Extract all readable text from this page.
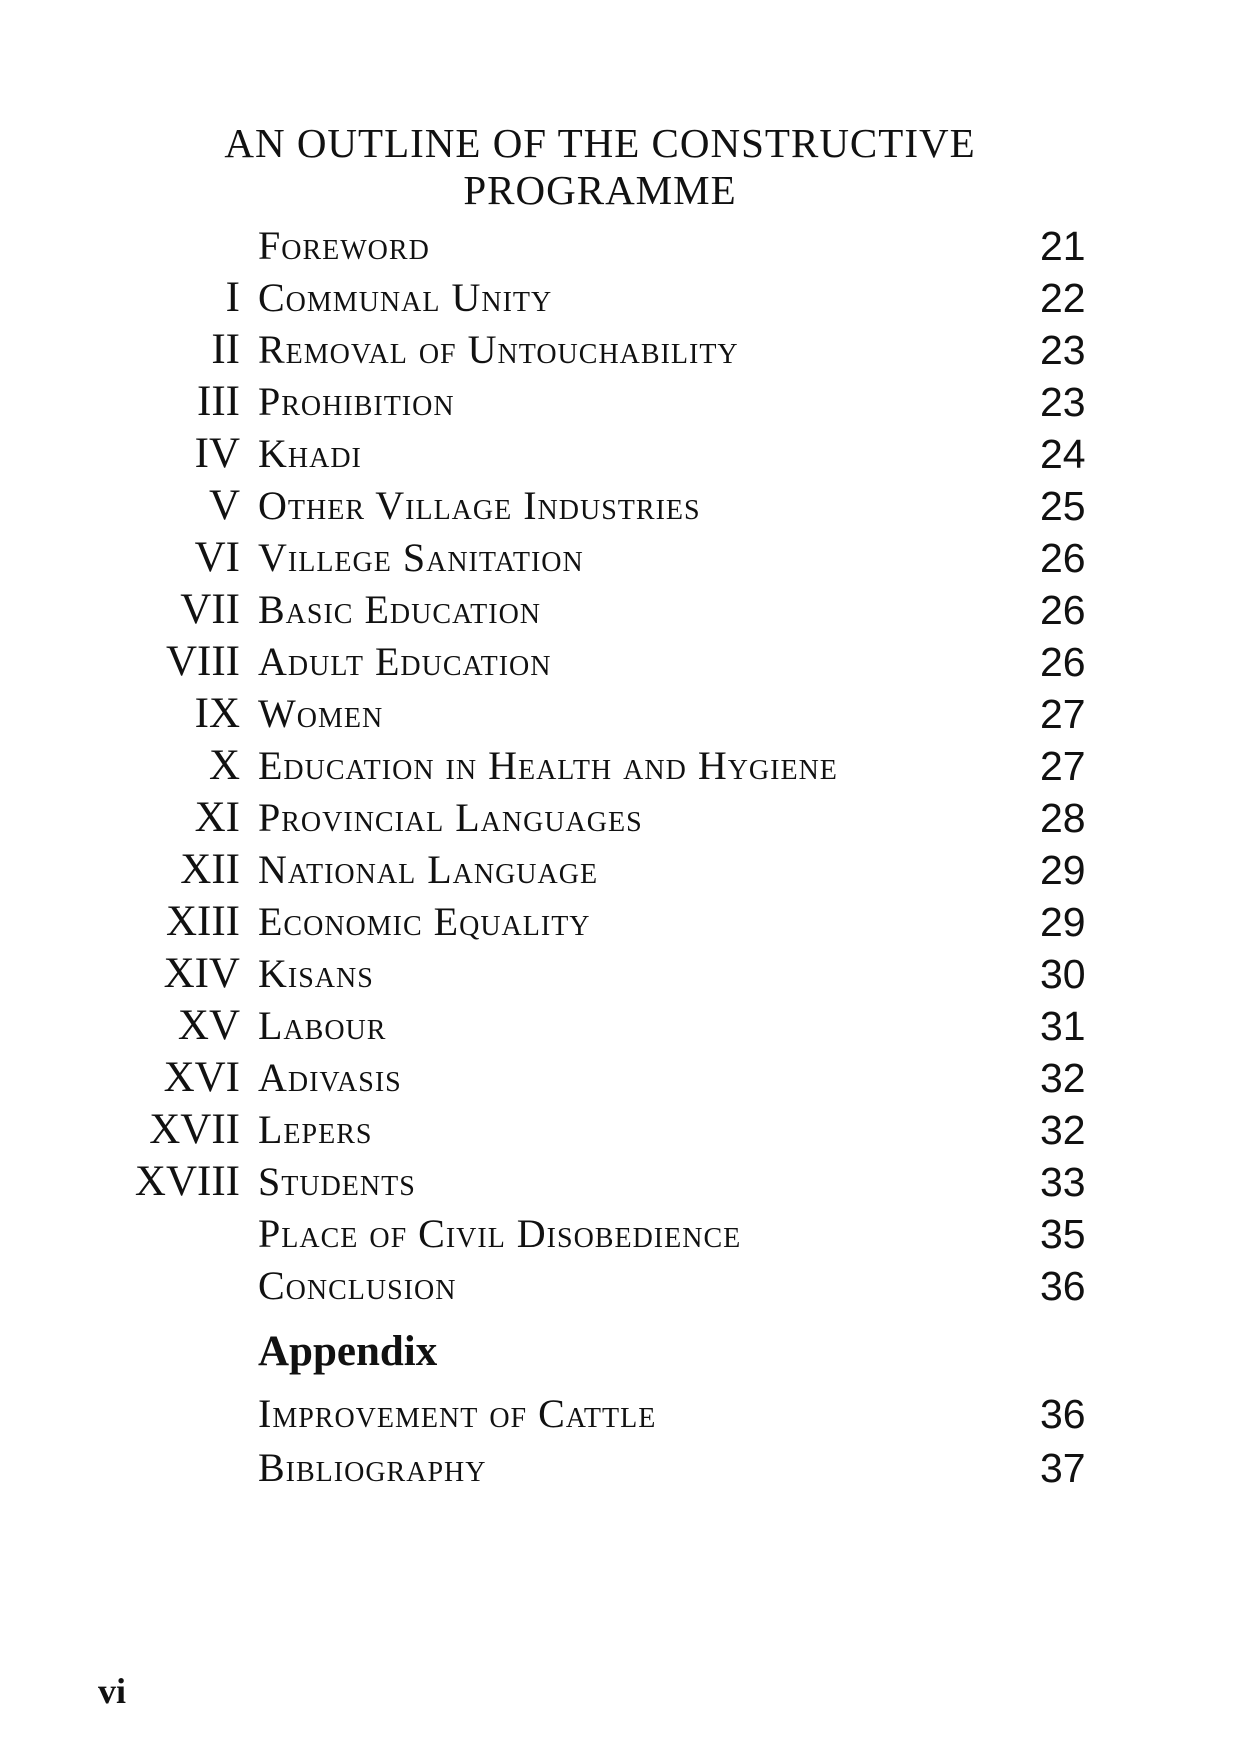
AN OUTLINE OF THE CONSTRUCTIVE
PROGRAMME
Foreword	21
I Communal Unity	22
II Removal of Untouchability	23
III Prohibition	23
IV Khadi	24
V Other Village Industries	25
VI Villege Sanitation	26
VII Basic Education	26
VIII Adult Education	26
IX Women	27
X Education in Health and Hygiene	27
XI Provincial Languages	28
XII National Language	29
XIII Economic Equality	29
XIV Kisans	30
XV Labour	31
XVI Adivasis	32
XVII Lepers	32
XVIII Students	33
Place of Civil Disobedience	35
Conclusion	36
Appendix
Improvement of Cattle	36
Bibliography	37
vi
